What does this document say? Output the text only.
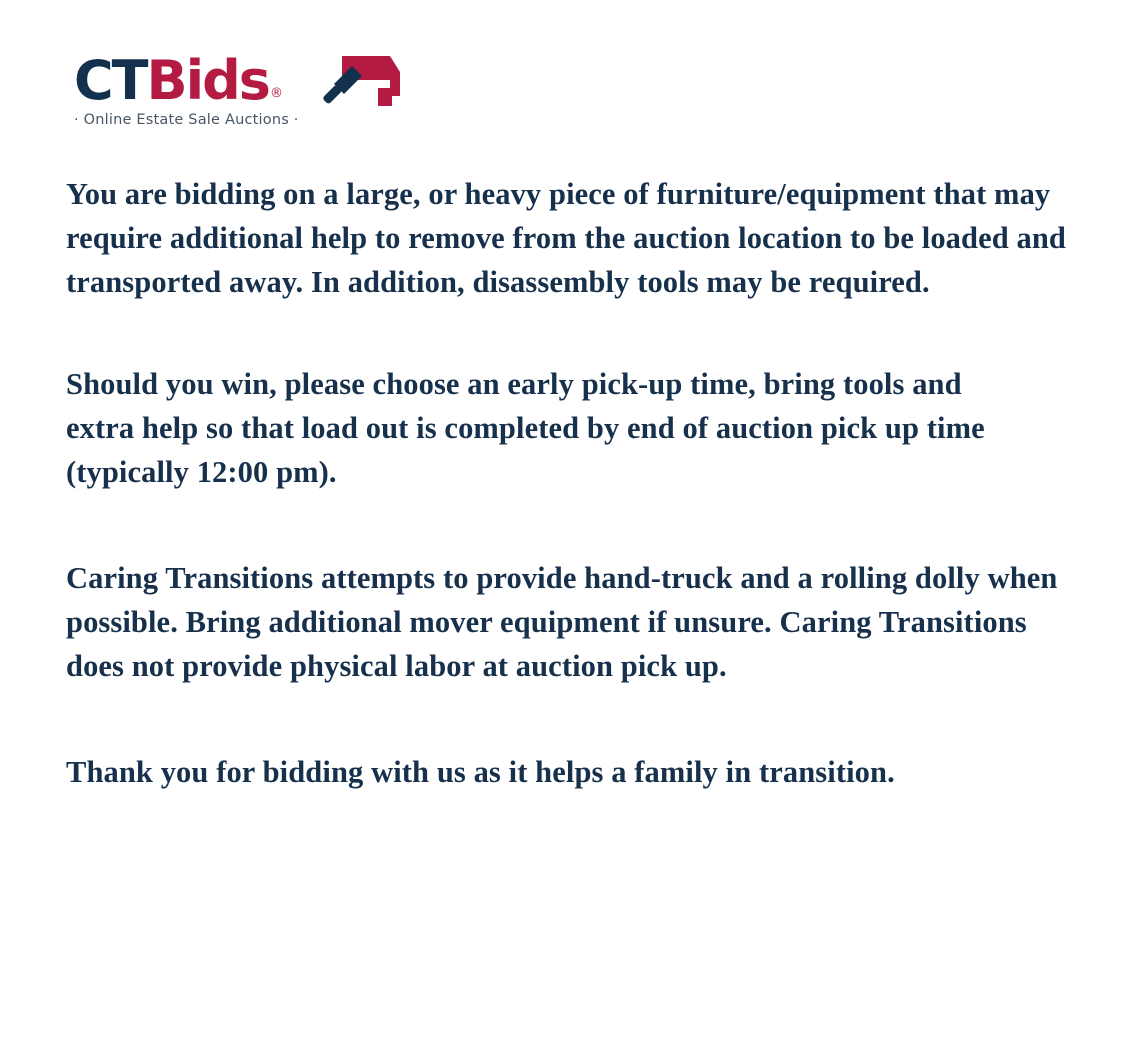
CT Bids ®
· Online Estate Sale Auctions ·

You are bidding on a large, or heavy piece of furniture/equipment that may require additional help to remove from the auction location to be loaded and transported away. In addition, disassembly tools may be required.

Should you win, please choose an early pick-up time, bring tools and extra help so that load out is completed by end of auction pick up time (typically 12:00 pm).

Caring Transitions attempts to provide hand-truck and a rolling dolly when possible. Bring additional mover equipment if unsure. Caring Transitions does not provide physical labor at auction pick up.

Thank you for bidding with us as it helps a family in transition.
